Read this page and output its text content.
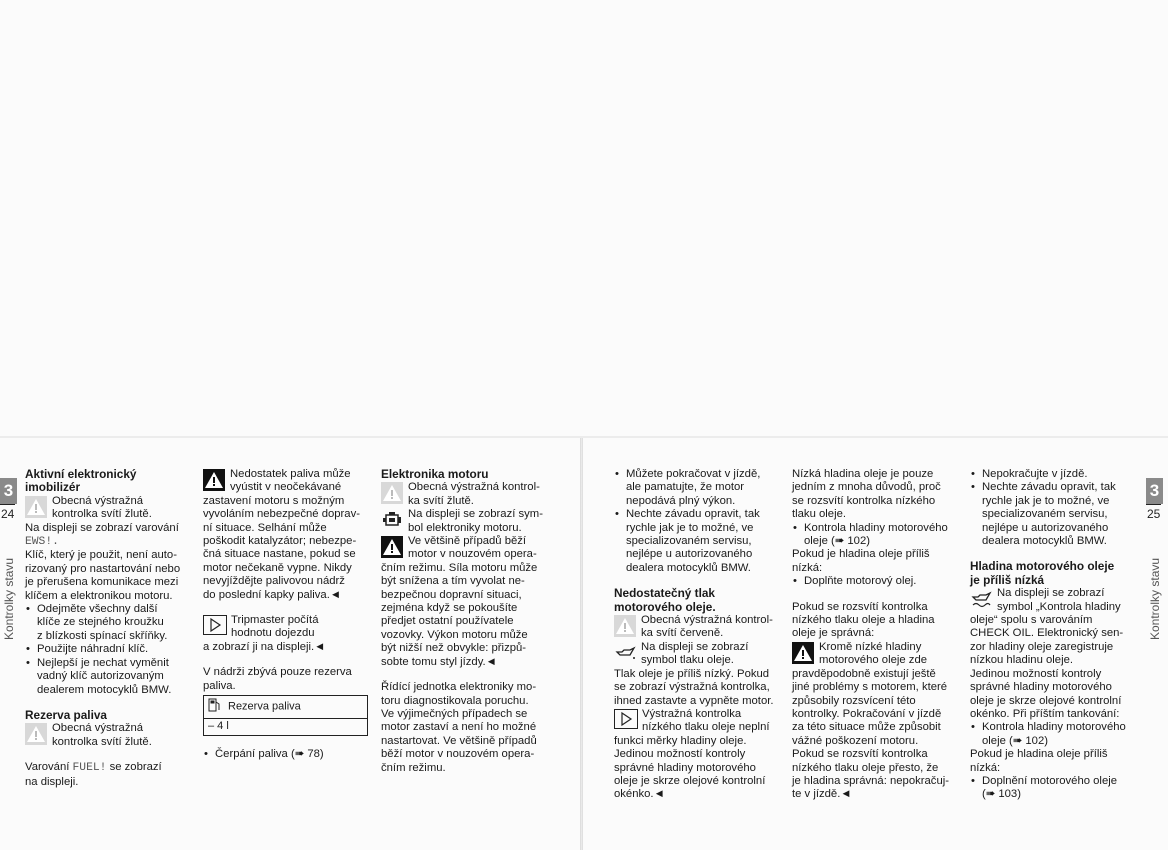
3
24
Kontrolky stavu
3
25
Kontrolky stavu
Aktivní elektronický
imobilizér

Obecná výstražná
kontrolka svítí žlutě.

Na displeji se zobrazí varování
EWS!.

Klíč, který je použit, není auto-
rizovaný pro nastartování nebo
je přerušena komunikace mezi
klíčem a elektronikou motoru.

• Odejměte všechny další
klíče ze stejného kroužku
z blízkosti spínací skříňky.
• Použijte náhradní klíč.
• Nejlepší je nechat vyměnit
vadný klíč autorizovaným
dealerem motocyklů BMW.
Rezerva paliva

Obecná výstražná
kontrolka svítí žlutě.

Varování FUEL! se zobrazí
na displeji.

Nedostatek paliva může
vyústit v neočekávané
zastavení motoru s možným
vyvoláním nebezpečné doprav-
ní situace. Selhání může
poškodit katalyzátor; nebezpe-
čná situace nastane, pokud se
motor nečekaně vypne. Nikdy
nevyjíždějte palivovou nádrž
do poslední kapky paliva.◄

Tripmaster počítá
hodnotu dojezdu
a zobrazí ji na displeji.◄

V nádrži zbývá pouze rezerva
paliva.

Rezerva paliva
– 4 l
• Čerpání paliva (➠ 78)
Elektronika motoru

Obecná výstražná kontrol-
ka svítí žlutě.

Na displeji se zobrazí sym-
bol elektroniky motoru.

Ve většině případů běží
motor v nouzovém opera-
čním režimu. Síla motoru může
být snížena a tím vyvolat ne-
bezpečnou dopravní situaci,
zejména když se pokoušíte
předjet ostatní používatele
vozovky. Výkon motoru může
být nižší než obvykle: přizpů-
sobte tomu styl jízdy.◄

Řídící jednotka elektroniky mo-
toru diagnostikovala poruchu.
Ve výjimečných případech se
motor zastaví a není ho možné
nastartovat. Ve většině případů
běží motor v nouzovém opera-
čním režimu.

• Můžete pokračovat v jízdě,
ale pamatujte, že motor
nepodává plný výkon.
• Nechte závadu opravit, tak
rychle jak je to možné, ve
specializovaném servisu,
nejlépe u autorizovaného
dealera motocyklů BMW.
Nedostatečný tlak
motorového oleje.

Obecná výstražná kontrol-
ka svítí červeně.

Na displeji se zobrazí
symbol tlaku oleje.

Tlak oleje je příliš nízký. Pokud
se zobrazí výstražná kontrolka,
ihned zastavte a vypněte motor.

Výstražná kontrolka
nízkého tlaku oleje neplní
funkci měrky hladiny oleje.
Jedinou možností kontroly
správné hladiny motorového
oleje je skrze olejové kontrolní
okénko.◄

Nízká hladina oleje je pouze
jedním z mnoha důvodů, proč
se rozsvítí kontrolka nízkého
tlaku oleje.

• Kontrola hladiny motorového
oleje (➠ 102)

Pokud je hladina oleje příliš
nízká:

• Doplňte motorový olej.

Pokud se rozsvítí kontrolka
nízkého tlaku oleje a hladina
oleje je správná:

Kromě nízké hladiny
motorového oleje zde
pravděpodobně existují ještě
jiné problémy s motorem, které
způsobily rozsvícení této
kontrolky. Pokračování v jízdě
za této situace může způsobit
vážné poškození motoru.
Pokud se rozsvítí kontrolka
nízkého tlaku oleje přesto, že
je hladina správná: nepokračuj-
te v jízdě.◄

• Nepokračujte v jízdě.
• Nechte závadu opravit, tak
rychle jak je to možné, ve
specializovaném servisu,
nejlépe u autorizovaného
dealera motocyklů BMW.
Hladina motorového oleje
je příliš nízká

Na displeji se zobrazí
symbol „Kontrola hladiny
oleje“ spolu s varováním
CHECK OIL. Elektronický sen-
zor hladiny oleje zaregistruje
nízkou hladinu oleje.
Jedinou možností kontroly
správné hladiny motorového
oleje je skrze olejové kontrolní
okénko. Při příštím tankování:

• Kontrola hladiny motorového
oleje (➠ 102)

Pokud je hladina oleje příliš
nízká:

• Doplnění motorového oleje
(➠ 103)
